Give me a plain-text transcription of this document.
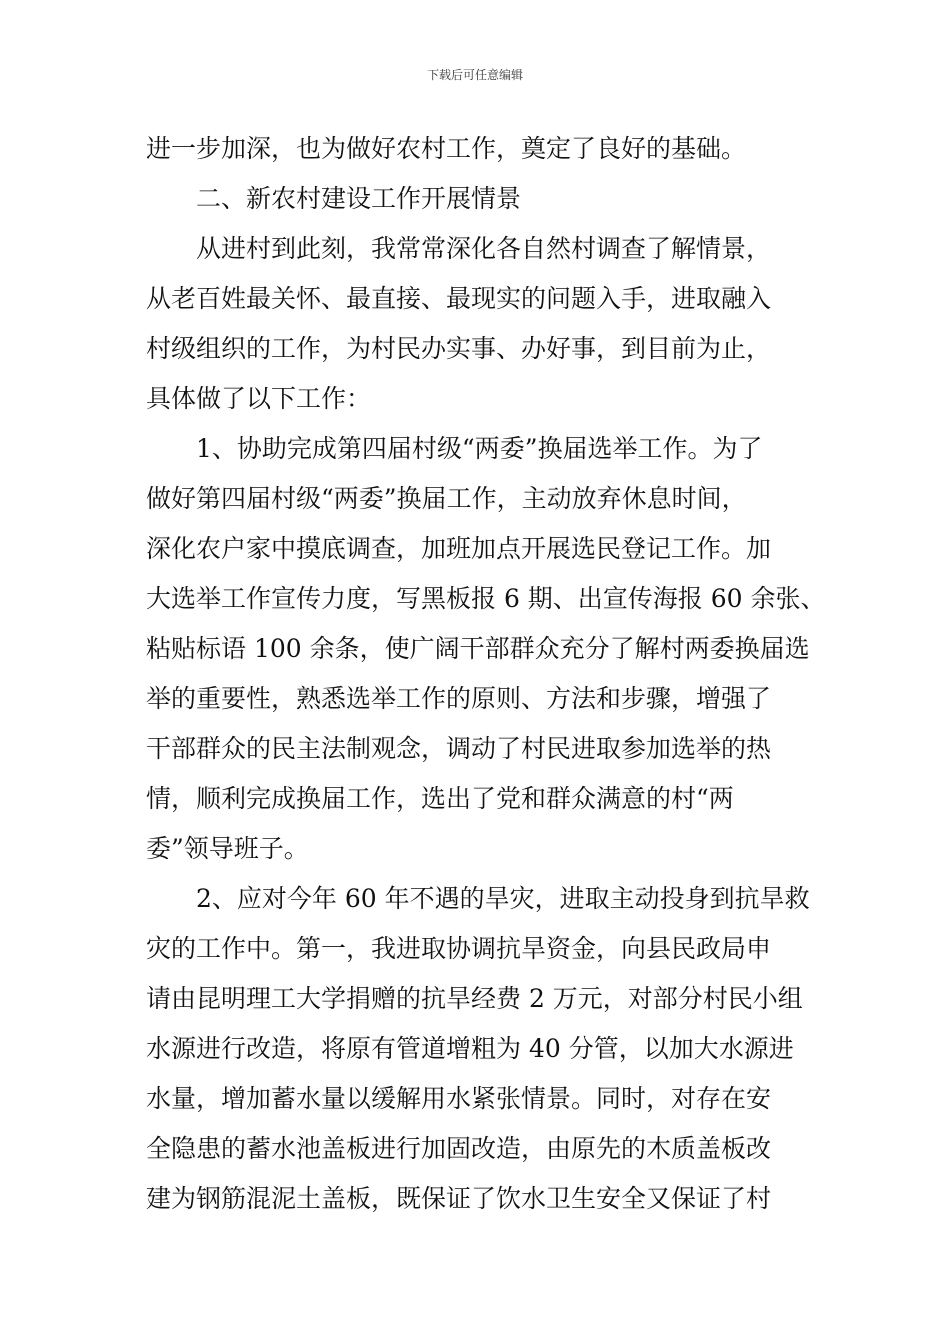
下载后可任意编辑
进一步加深，也为做好农村工作，奠定了良好的基础。
二、新农村建设工作开展情景
从进村到此刻，我常常深化各自然村调查了解情景，
从老百姓最关怀、最直接、最现实的问题入手，进取融入
村级组织的工作，为村民办实事、办好事，到目前为止，
具体做了以下工作：
1、协助完成第四届村级“两委”换届选举工作。为了
做好第四届村级“两委”换届工作，主动放弃休息时间，
深化农户家中摸底调查，加班加点开展选民登记工作。加
大选举工作宣传力度，写黑板报 6 期、出宣传海报 60 余张、
粘贴标语 100 余条，使广阔干部群众充分了解村两委换届选
举的重要性，熟悉选举工作的原则、方法和步骤，增强了
干部群众的民主法制观念，调动了村民进取参加选举的热
情，顺利完成换届工作，选出了党和群众满意的村“两
委”领导班子。
2、应对今年 60 年不遇的旱灾，进取主动投身到抗旱救
灾的工作中。第一，我进取协调抗旱资金，向县民政局申
请由昆明理工大学捐赠的抗旱经费 2 万元，对部分村民小组
水源进行改造，将原有管道增粗为 40 分管，以加大水源进
水量，增加蓄水量以缓解用水紧张情景。同时，对存在安
全隐患的蓄水池盖板进行加固改造，由原先的木质盖板改
建为钢筋混泥土盖板，既保证了饮水卫生安全又保证了村
